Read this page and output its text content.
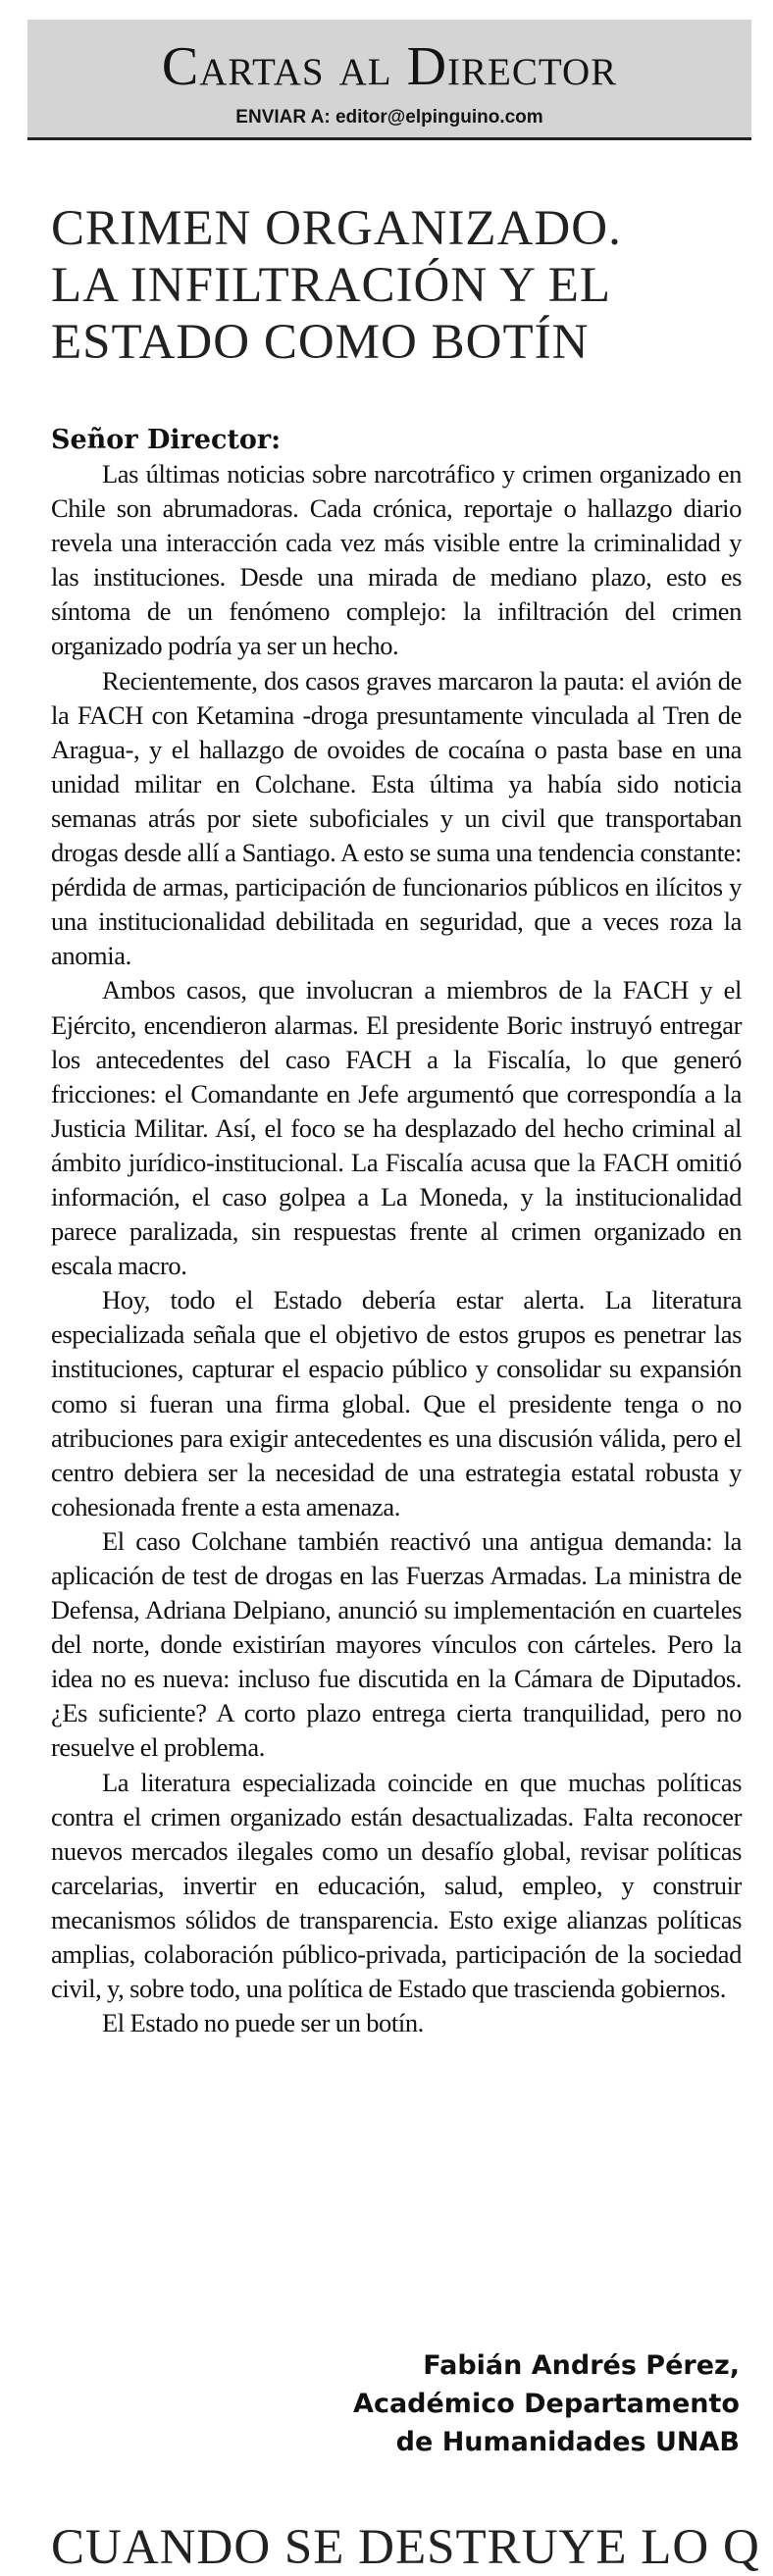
Cartas al Director
ENVIAR A: editor@elpinguino.com
CRIMEN ORGANIZADO.
LA INFILTRACIÓN Y EL
ESTADO COMO BOTÍN
Señor Director:

Las últimas noticias sobre narcotráfico y crimen organizado en Chile son abrumadoras. Cada crónica, reportaje o hallazgo diario revela una interacción cada vez más visible entre la criminalidad y las instituciones. Desde una mirada de mediano plazo, esto es síntoma de un fenómeno complejo: la infiltración del crimen organizado podría ya ser un hecho.

Recientemente, dos casos graves marcaron la pauta: el avión de la FACH con Ketamina -droga presuntamente vinculada al Tren de Aragua-, y el hallazgo de ovoides de cocaína o pasta base en una unidad militar en Colchane. Esta última ya había sido noticia semanas atrás por siete suboficiales y un civil que transportaban drogas desde allí a Santiago. A esto se suma una tendencia constante: pérdida de armas, participación de funcionarios públicos en ilícitos y una institucionalidad debilitada en seguridad, que a veces roza la anomia.

Ambos casos, que involucran a miembros de la FACH y el Ejército, encendieron alarmas. El presidente Boric instruyó entregar los antecedentes del caso FACH a la Fiscalía, lo que generó fricciones: el Comandante en Jefe argumentó que correspondía a la Justicia Militar. Así, el foco se ha desplazado del hecho criminal al ámbito jurídico-institucional. La Fiscalía acusa que la FACH omitió información, el caso golpea a La Moneda, y la institucionalidad parece paralizada, sin respuestas frente al crimen organizado en escala macro.

Hoy, todo el Estado debería estar alerta. La literatura especializada señala que el objetivo de estos grupos es penetrar las instituciones, capturar el espacio público y consolidar su expansión como si fueran una firma global. Que el presidente tenga o no atribuciones para exigir antecedentes es una discusión válida, pero el centro debiera ser la necesidad de una estrategia estatal robusta y cohesionada frente a esta amenaza.

El caso Colchane también reactivó una antigua demanda: la aplicación de test de drogas en las Fuerzas Armadas. La ministra de Defensa, Adriana Delpiano, anunció su implementación en cuarteles del norte, donde existirían mayores vínculos con cárteles. Pero la idea no es nueva: incluso fue discutida en la Cámara de Diputados. ¿Es suficiente? A corto plazo entrega cierta tranquilidad, pero no resuelve el problema.

La literatura especializada coincide en que muchas políticas contra el crimen organizado están desactualizadas. Falta reconocer nuevos mercados ilegales como un desafío global, revisar políticas carcelarias, invertir en educación, salud, empleo, y construir mecanismos sólidos de transparencia. Esto exige alianzas políticas amplias, colaboración público-privada, participación de la sociedad civil, y, sobre todo, una política de Estado que trascienda gobiernos.

El Estado no puede ser un botín.

Fabián Andrés Pérez,
Académico Departamento
de Humanidades UNAB
CUANDO SE DESTRUYE LO Q
